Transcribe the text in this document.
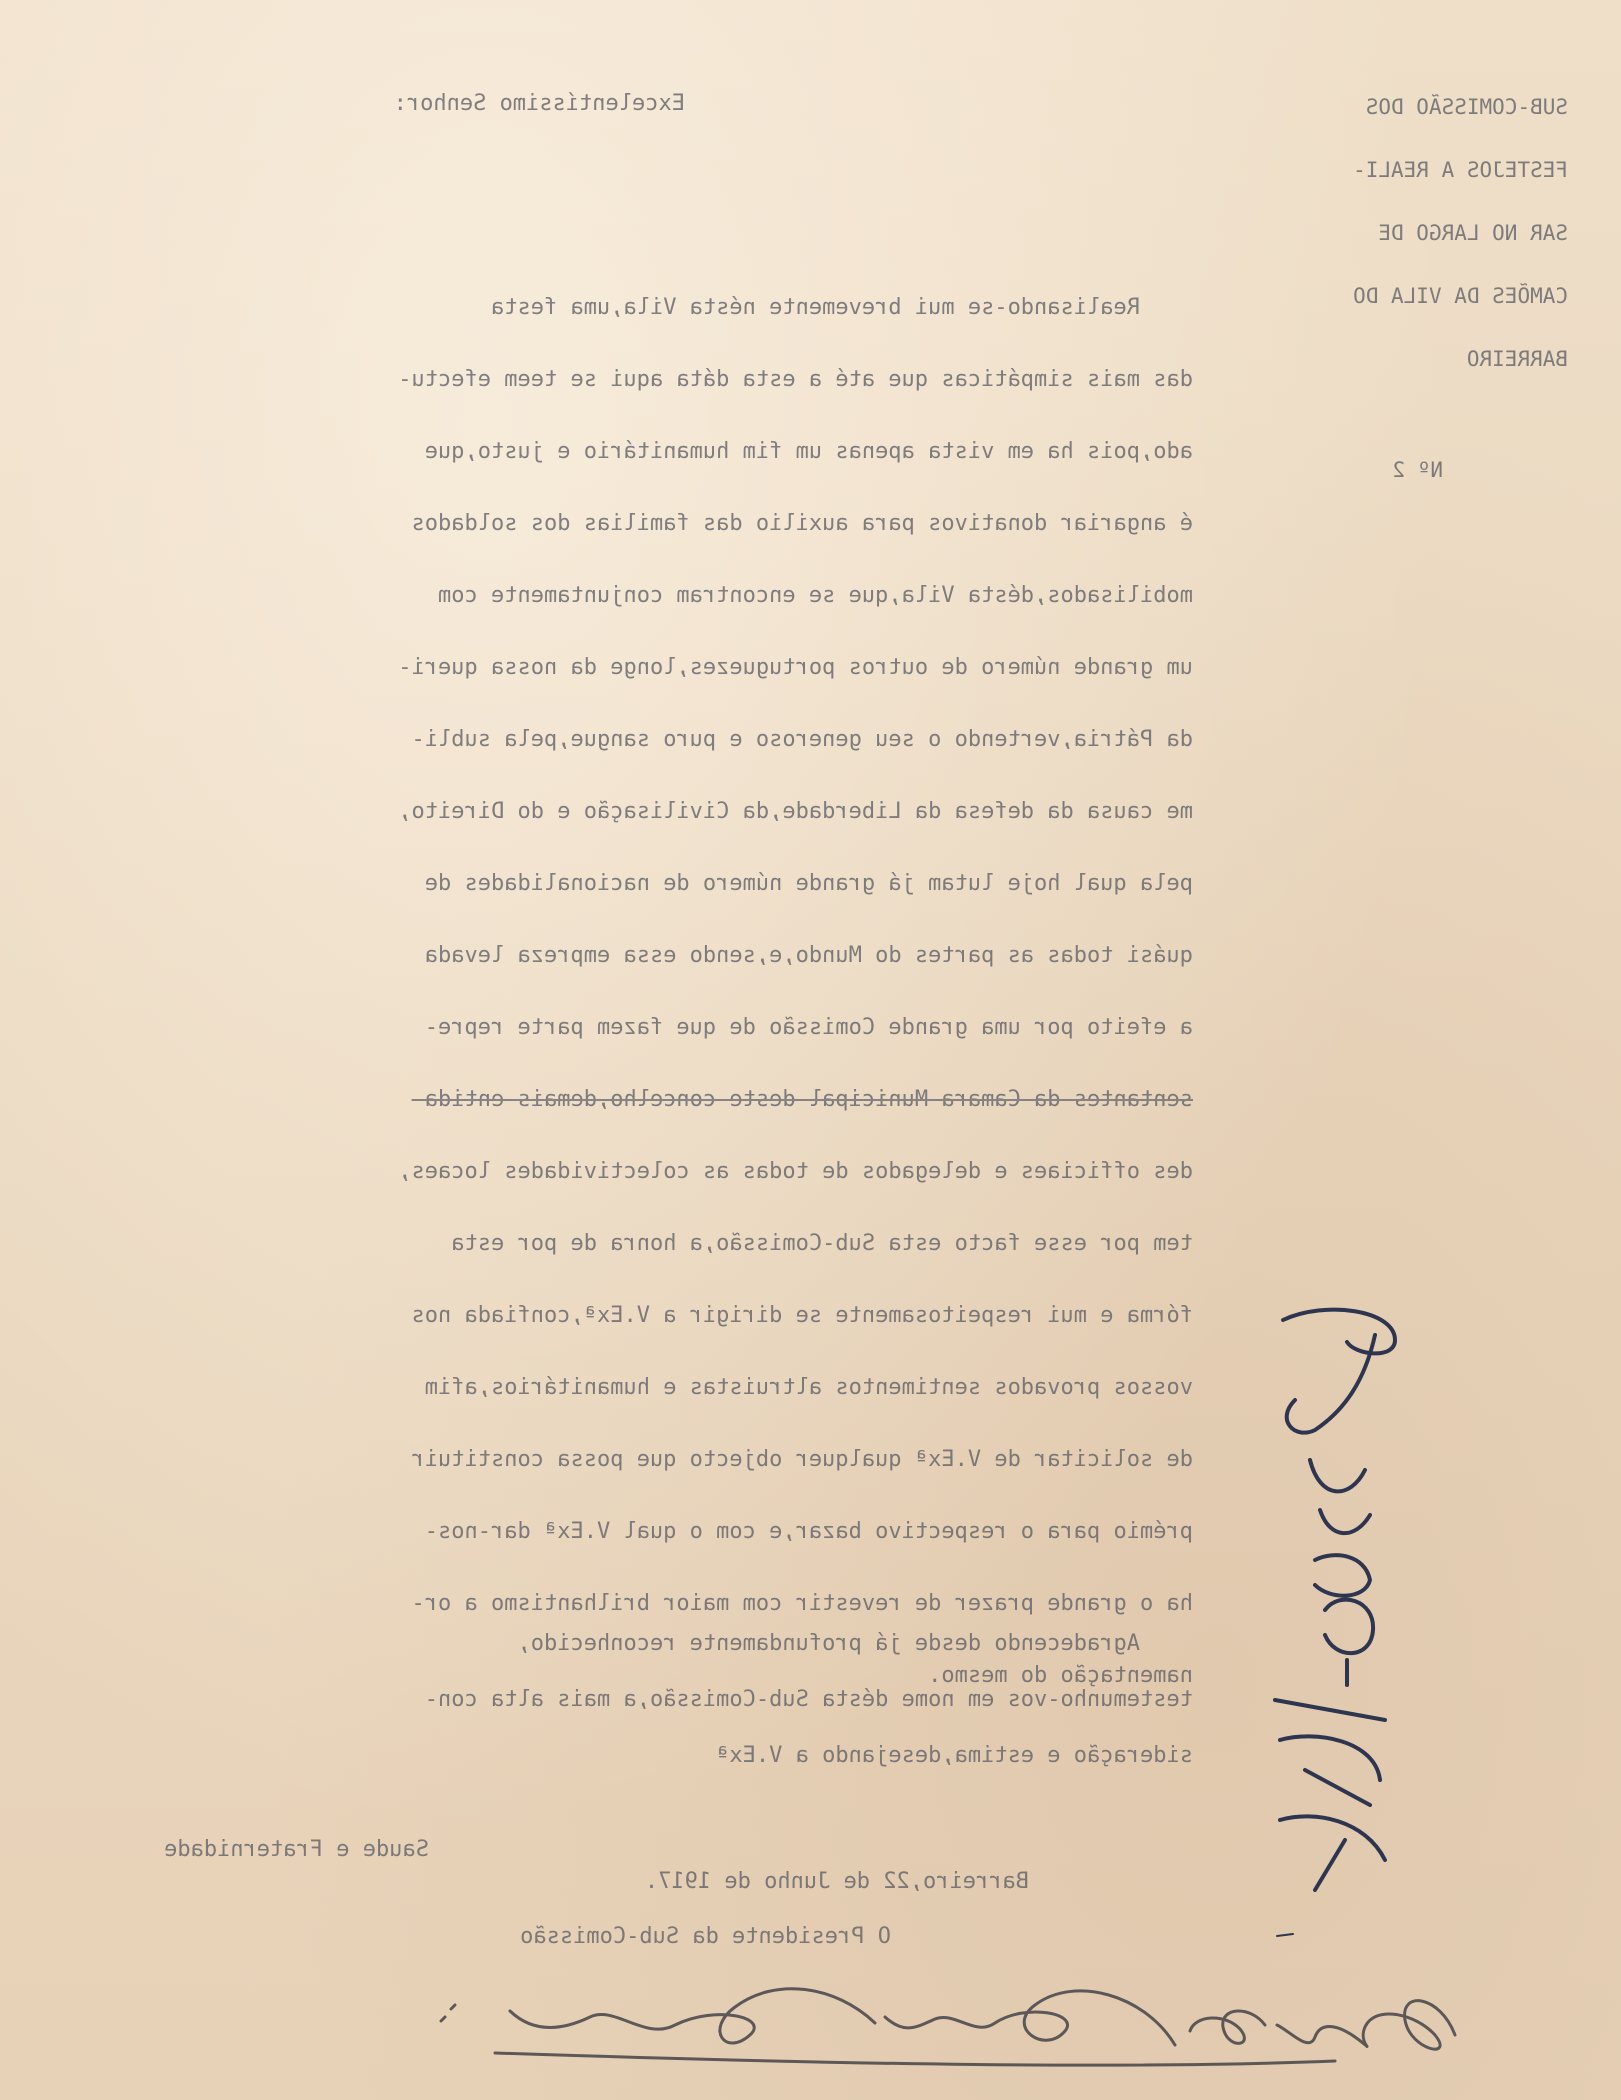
SUB-COMISSÃO DOS
FESTEJOS A REALI-
SAR NO LARGO DE
CAMÕES DA VILA DO
BARREIRO
Nº 2
Excelentíssimo Senhor:
Realisando-se mui brevemente nésta Vila,uma festa
das mais simpáticas que até a esta dáta aqui se teem efectu-
ado,pois ha em vista apenas um fim humanitário e justo,que
é angariar donativos para auxilio das familias dos soldados
mobilisados,désta Vila,que se encontram conjuntamente com
um grande número de outros portuguezes,longe da nossa queri-
da Pátria,vertendo o seu generoso e puro sangue,pela subli-
me causa da defesa da Liberdade,da Civilisação e do Direito,
pela qual hoje lutam já grande número de nacionalidades de
quási todas as partes do Mundo,e,sendo essa empreza levada
a efeito por uma grande Comissão de que fazem parte repre-
sentantes da Camara Municipal deste concelho,demais entida-
des officiaes e delegados de todas as colectividades locaes,
tem por esse facto esta Sub-Comissão,a honra de por esta
fórma e mui respeitosamente se dirigir a V.Exª,confiada nos
vossos provados sentimentos altruistas e humanitários,afim
de solicitar de V.Exª qualquer objecto que possa constituir
prémio para o respectivo bazar,e com o qual V.Exª dar-nos-
ha o grande prazer de revestir com maior brilhantismo a or-
namentação do mesmo.
Agradecendo desde já profundamente reconhecido,
testemunho-vos em nome désta Sub-Comissão,a mais alta con-
sideração e estima,desejando a V.Exª
Saude e Fraternidade
Barreiro,22 de Junho de 1917.
O Presidente da Sub-Comissão
Junho 1917
